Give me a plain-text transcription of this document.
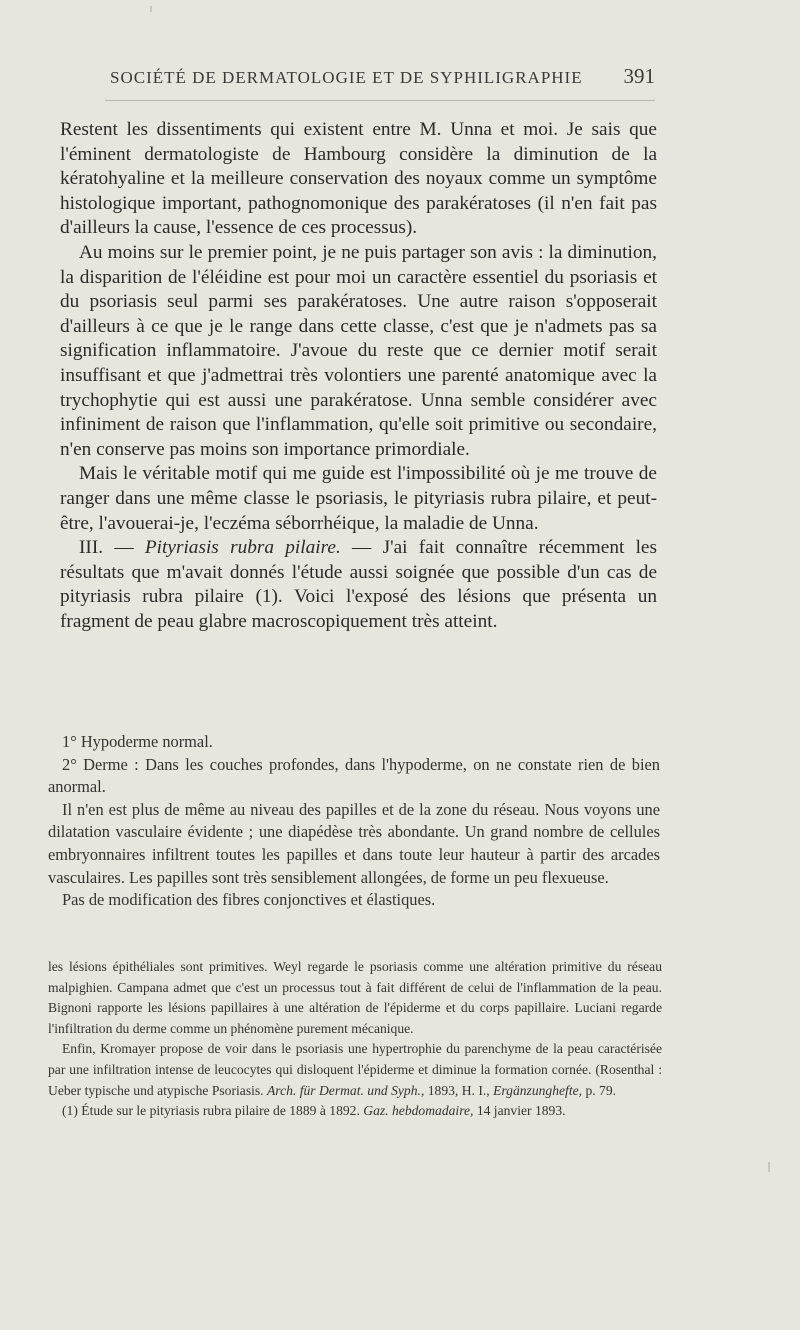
SOCIÉTÉ DE DERMATOLOGIE ET DE SYPHILIGRAPHIE 391

Restent les dissentiments qui existent entre M. Unna et moi. Je sais que l'éminent dermatologiste de Hambourg considère la diminution de la kératohyaline et la meilleure conservation des noyaux comme un symptôme histologique important, pathognomonique des parakératoses (il n'en fait pas d'ailleurs la cause, l'essence de ces processus).

Au moins sur le premier point, je ne puis partager son avis : la diminution, la disparition de l'éléidine est pour moi un caractère essentiel du psoriasis et du psoriasis seul parmi ses parakératoses. Une autre raison s'opposerait d'ailleurs à ce que je le range dans cette classe, c'est que je n'admets pas sa signification inflammatoire. J'avoue du reste que ce dernier motif serait insuffisant et que j'admettrai très volontiers une parenté anatomique avec la trychophytie qui est aussi une parakératose. Unna semble considérer avec infiniment de raison que l'inflammation, qu'elle soit primitive ou secondaire, n'en conserve pas moins son importance primordiale.

Mais le véritable motif qui me guide est l'impossibilité où je me trouve de ranger dans une même classe le psoriasis, le pityriasis rubra pilaire, et peut-être, l'avouerai-je, l'eczéma séborrhéique, la maladie de Unna.

III. — Pityriasis rubra pilaire. — J'ai fait connaître récemment les résultats que m'avait donnés l'étude aussi soignée que possible d'un cas de pityriasis rubra pilaire (1). Voici l'exposé des lésions que présenta un fragment de peau glabre macroscopiquement très atteint.

1° Hypoderme normal.

2° Derme : Dans les couches profondes, dans l'hypoderme, on ne constate rien de bien anormal.

Il n'en est plus de même au niveau des papilles et de la zone du réseau. Nous voyons une dilatation vasculaire évidente ; une diapédèse très abondante. Un grand nombre de cellules embryonnaires infiltrent toutes les papilles et dans toute leur hauteur à partir des arcades vasculaires. Les papilles sont très sensiblement allongées, de forme un peu flexueuse.

Pas de modification des fibres conjonctives et élastiques.

les lésions épithéliales sont primitives. Weyl regarde le psoriasis comme une altération primitive du réseau malpighien. Campana admet que c'est un processus tout à fait différent de celui de l'inflammation de la peau. Bignoni rapporte les lésions papillaires à une altération de l'épiderme et du corps papillaire. Luciani regarde l'infiltration du derme comme un phénomène purement mécanique.

Enfin, Kromayer propose de voir dans le psoriasis une hypertrophie du parenchyme de la peau caractérisée par une infiltration intense de leucocytes qui disloquent l'épiderme et diminue la formation cornée. (Rosenthal : Ueber typische und atypische Psoriasis. Arch. für Dermat. und Syph., 1893, H. I., Ergänzunghefte, p. 79.

(1) Étude sur le pityriasis rubra pilaire de 1889 à 1892. Gaz. hebdomadaire, 14 janvier 1893.
